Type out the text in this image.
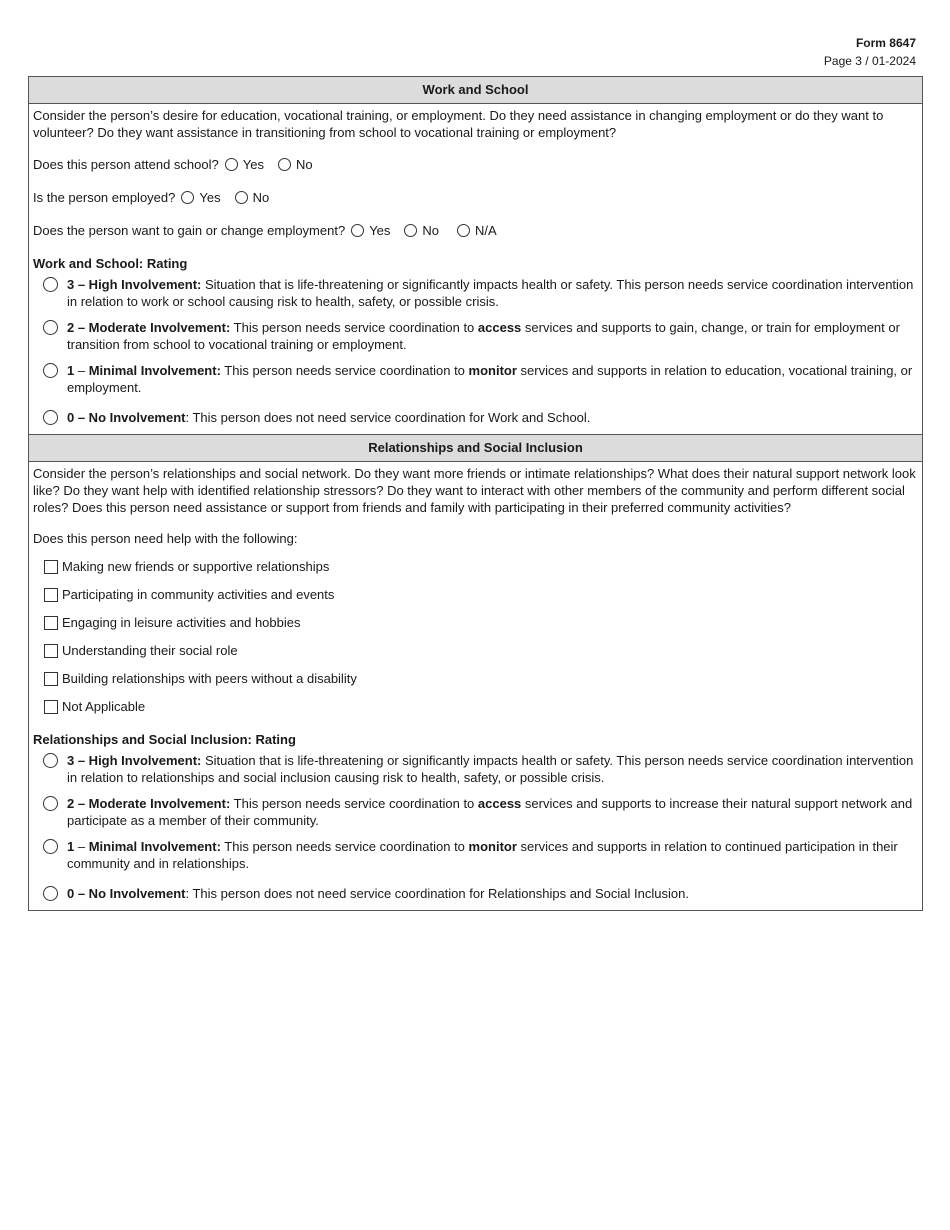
Form 8647
Page 3 / 01-2024
Work and School

Consider the person’s desire for education, vocational training, or employment. Do they need assistance in changing employment or do they want to volunteer? Do they want assistance in transitioning from school to vocational training or employment?

Does this person attend school? Yes No
Is the person employed? Yes No
Does the person want to gain or change employment? Yes No	N/A
Work and School: Rating
3 – High Involvement: Situation that is life-threatening or significantly impacts health or safety. This person needs service coordination intervention in relation to work or school causing risk to health, safety, or possible crisis.
2 – Moderate Involvement: This person needs service coordination to access services and supports to gain, change, or train for employment or transition from school to vocational training or employment.
1 – Minimal Involvement: This person needs service coordination to monitor services and supports in relation to education, vocational training, or employment.
0 – No Involvement: This person does not need service coordination for Work and School.
Relationships and Social Inclusion

Consider the person’s relationships and social network. Do they want more friends or intimate relationships? What does their natural support network look like? Do they want help with identified relationship stressors? Do they want to interact with other members of the community and perform different social roles? Does this person need assistance or support from friends and family with participating in their preferred community activities?

Does this person need help with the following:
Making new friends or supportive relationships
Participating in community activities and events
Engaging in leisure activities and hobbies
Understanding their social role
Building relationships with peers without a disability
Not Applicable
Relationships and Social Inclusion: Rating
3 – High Involvement: Situation that is life-threatening or significantly impacts health or safety. This person needs service coordination intervention in relation to relationships and social inclusion causing risk to health, safety, or possible crisis.
2 – Moderate Involvement: This person needs service coordination to access services and supports to increase their natural support network and participate as a member of their community.
1 – Minimal Involvement: This person needs service coordination to monitor services and supports in relation to continued participation in their community and in relationships.
0 – No Involvement: This person does not need service coordination for Relationships and Social Inclusion.
